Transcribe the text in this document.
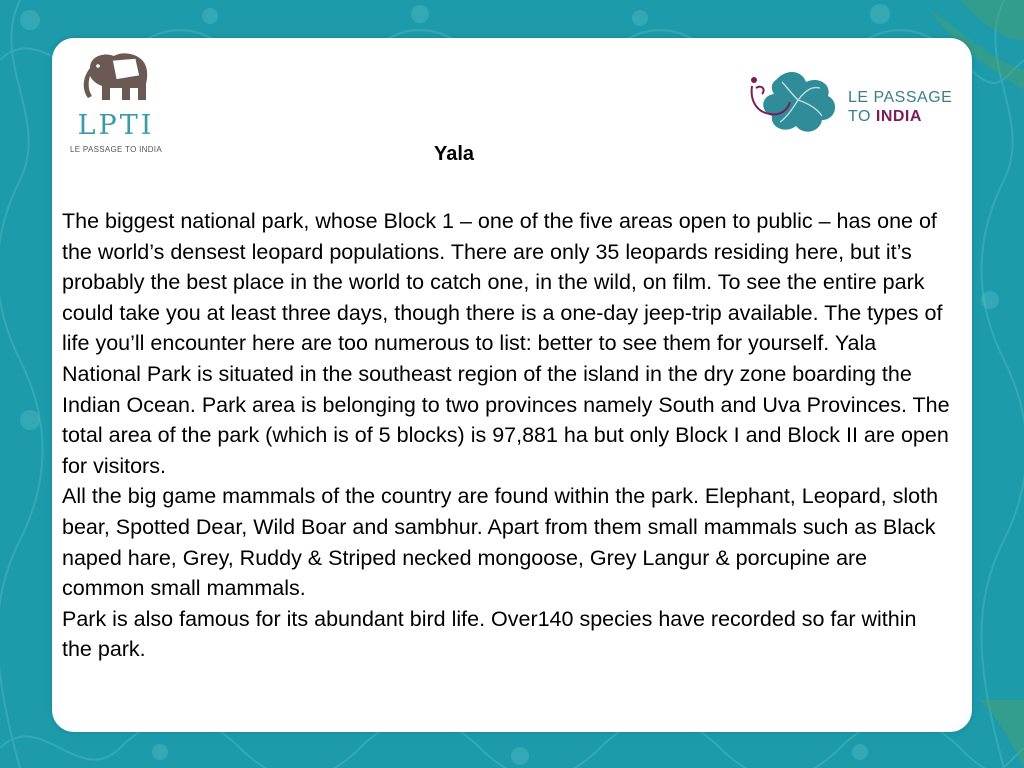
LPTI
LE PASSAGE TO INDIA
LE PASSAGE
TO INDIA
Yala

The biggest national park, whose Block 1 – one of the five areas open to public – has one of the world’s densest leopard populations. There are only 35 leopards residing here, but it’s probably the best place in the world to catch one, in the wild, on film. To see the entire park could take you at least three days, though there is a one-day jeep-trip available. The types of life you’ll encounter here are too numerous to list: better to see them for yourself. Yala National Park is situated in the southeast region of the island in the dry zone boarding the Indian Ocean. Park area is belonging to two provinces namely South and Uva Provinces. The total area of the park (which is of 5 blocks) is 97,881 ha but only Block I and Block II are open for visitors.

All the big game mammals of the country are found within the park. Elephant, Leopard, sloth bear, Spotted Dear, Wild Boar and sambhur. Apart from them small mammals such as Black naped hare, Grey, Ruddy & Striped necked mongoose, Grey Langur & porcupine are common small mammals.

Park is also famous for its abundant bird life. Over140 species have recorded so far within the park.
